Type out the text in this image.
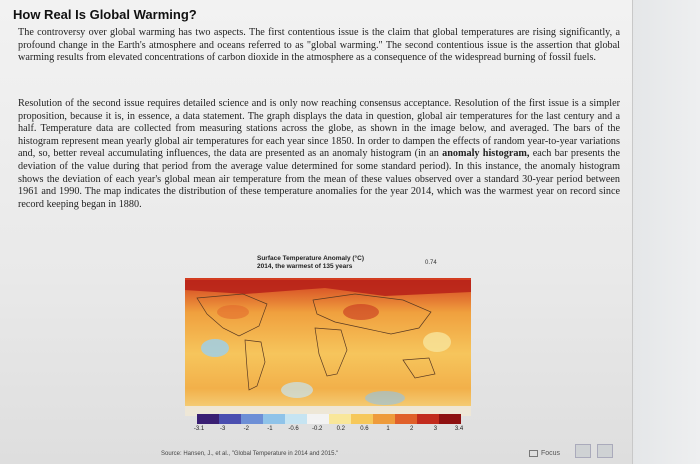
How Real Is Global Warming?
The controversy over global warming has two aspects. The first contentious issue is the claim that global temperatures are rising significantly, a profound change in the Earth's atmosphere and oceans referred to as "global warming." The second contentious issue is the assertion that global warming results from elevated concentrations of carbon dioxide in the atmosphere as a consequence of the widespread burning of fossil fuels.
Resolution of the second issue requires detailed science and is only now reaching consensus acceptance. Resolution of the first issue is a simpler proposition, because it is, in essence, a data statement. The graph displays the data in question, global air temperatures for the last century and a half. Temperature data are collected from measuring stations across the globe, as shown in the image below, and averaged. The bars of the histogram represent mean yearly global air temperatures for each year since 1850. In order to dampen the effects of random year-to-year variations and, so, better reveal accumulating influences, the data are presented as an anomaly histogram (in an anomaly histogram, each bar presents the deviation of the value during that period from the average value determined for some standard period). In this instance, the anomaly histogram shows the deviation of each year's global mean air temperature from the mean of these values observed over a standard 30-year period between 1961 and 1990. The map indicates the distribution of these temperature anomalies for the year 2014, which was the warmest year on record since record keeping began in 1880.
Surface Temperature Anomaly (°C)
2014, the warmest of 135 years	0.74
-3.1	-3	-2	-1	-0.6 -0.2 0.2	0.6	1	2	3	3.4
Source: Hansen, J., et al., "Global Temperature in 2014 and 2015."	Focus
